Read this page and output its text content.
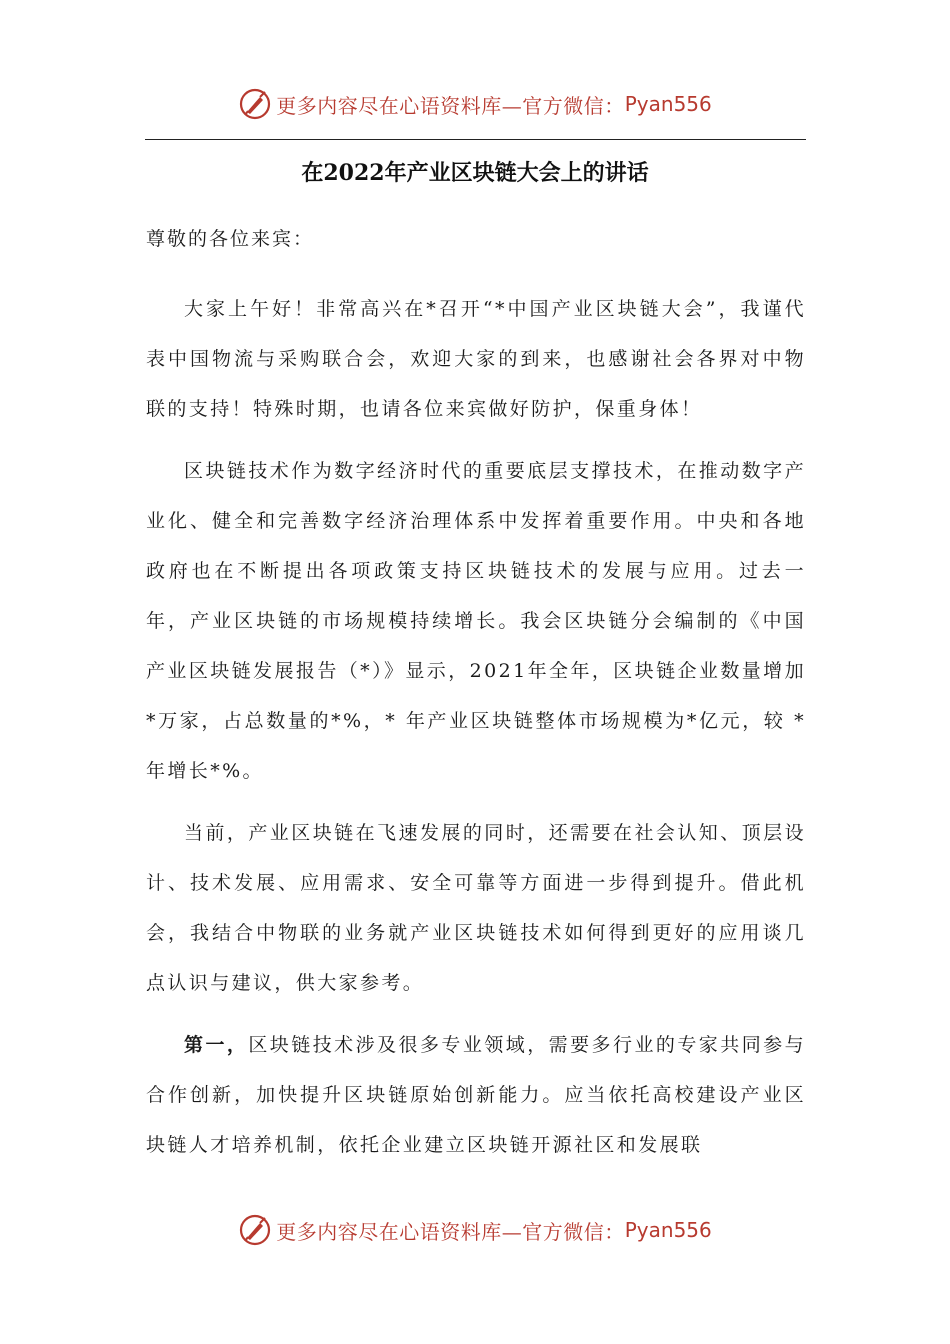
更多内容尽在心语资料库—官方微信： Pyan556
在2022年产业区块链大会上的讲话

尊敬的各位来宾：

大家上午好！非常高兴在*召开“*中国产业区块链大会”，我谨代表中国物流与采购联合会，欢迎大家的到来，也感谢社会各界对中物联的支持！特殊时期，也请各位来宾做好防护，保重身体！

区块链技术作为数字经济时代的重要底层支撑技术，在推动数字产业化、健全和完善数字经济治理体系中发挥着重要作用。中央和各地政府也在不断提出各项政策支持区块链技术的发展与应用。过去一年，产业区块链的市场规模持续增长。我会区块链分会编制的《中国产业区块链发展报告（*）》显示，2021年全年，区块链企业数量增加*万家，占总数量的*%，* 年产业区块链整体市场规模为*亿元，较 * 年增长*%。

当前，产业区块链在飞速发展的同时，还需要在社会认知、顶层设计、技术发展、应用需求、安全可靠等方面进一步得到提升。借此机会，我结合中物联的业务就产业区块链技术如何得到更好的应用谈几点认识与建议，供大家参考。

第一，区块链技术涉及很多专业领域，需要多行业的专家共同参与合作创新，加快提升区块链原始创新能力。应当依托高校建设产业区块链人才培养机制，依托企业建立区块链开源社区和发展联

更多内容尽在心语资料库—官方微信： Pyan556
